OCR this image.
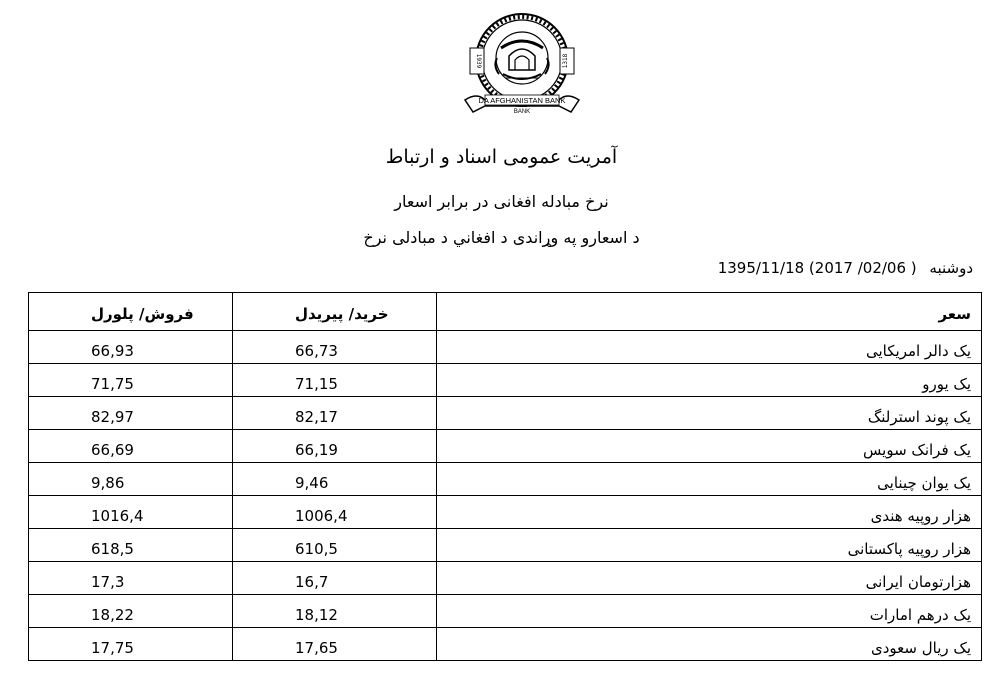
1939	1318
DA AFGHANISTAN BANK
BANK
آمریت عمومی اسناد و ارتباط
نرخ مبادله افغانی در برابر اسعار
د اسعارو په وړاندی د افغاني د مبادلی نرخ
دوشنبه 1395/11/18 (2017 /02/06 )
فروش/ پلورل	خرید/ پیریدل	سعر

66,93	66,73	یک دالر امریکایی

71,75	71,15	یک یورو

82,97	82,17	یک پوند استرلنگ

66,69	66,19	یک فرانک سویس

9,86	9,46	یک یوان چینایی

1016,4	1006,4	هزار روپیه هندی

618,5	610,5	هزار روپیه پاکستانی

17,3	16,7	هزارتومان ایرانی

18,22	18,12	یک درهم امارات

17,75	17,65	یک ریال سعودی
